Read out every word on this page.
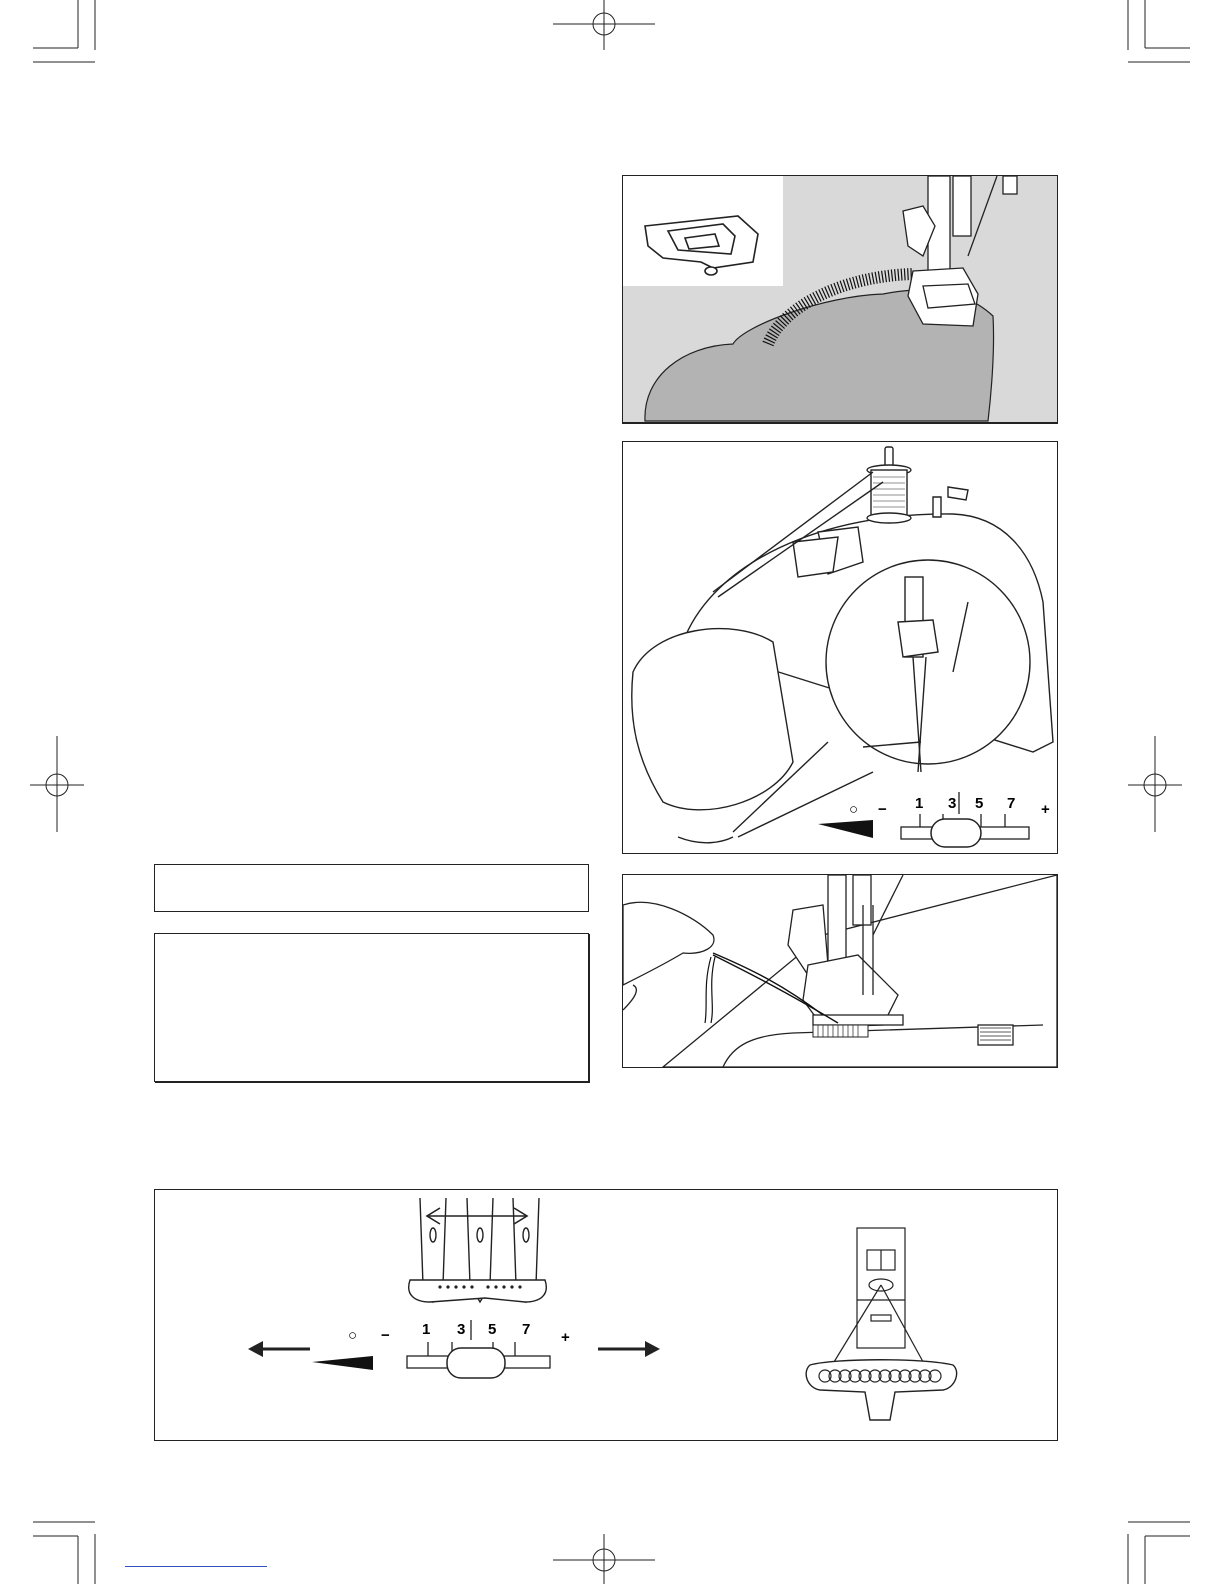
○ − 1 3 5 7 +
○ − 1 3 5 7 +
